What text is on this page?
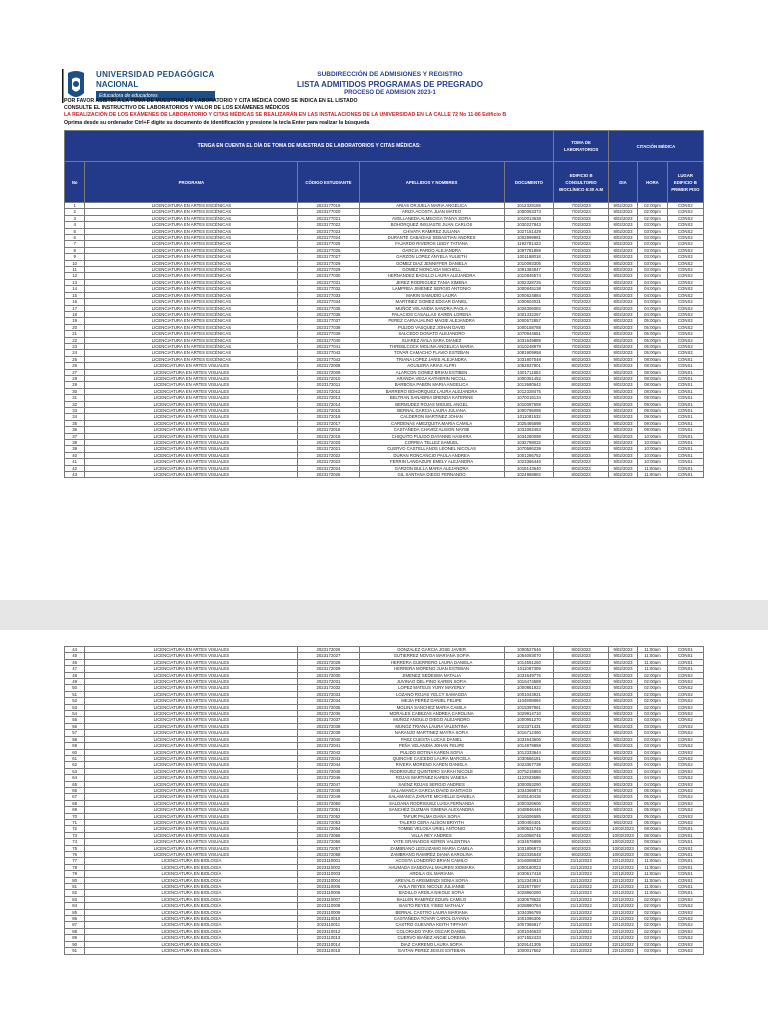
UNIVERSIDAD PEDAGÓGICA
NACIONAL
Educadora de educadores
SUBDIRECCIÓN DE ADMISIONES Y REGISTRO
LISTA ADMITIDOS PROGRAMAS DE PREGRADO
PROCESO DE ADMISION 2023-1
POR FAVOR ASISTIR A LA TOMA DE MUESTRAS DE LABORATORIO Y CITA MÉDICA COMO SE INDICA EN EL LISTADO
CONSULTE EL INSTRUCTIVO DE LABORATORIOS Y VALOR DE LOS EXÁMENES MÉDICOS
LA REALIZACIÓN DE LOS EXÁMENES DE LABORATORIO Y CITAS MÉDICAS SE REALIZARÁN EN LAS INSTALACIONES DE LA UNIVERSIDAD EN LA CALLE 72 No 11-86 Edificio B
Oprima desde su ordenador Ctrl+F digite su documento de identificación y presione la tecla Enter para realizar la búsqueda
TENGA EN CUENTA EL DÍA DE TOMA DE MUESTRAS DE LABORATORIOS Y CITAS MÉDICAS:					TOMA DE LABORATORIOS	CITACIÓN MÉDICA		
No	PROGRAMA	CÓDIGO ESTUDIANTE	APELLIDOS Y NOMBRES	DOCUMENTO	EDIFICIO B CONSULTORIO BIOCLÍNICO 6:30 A.M	DIA	HORA	LUGAR EDIFICIO B PRIMER PISO
1	LICENCIATURA EN ARTES ESCÉNICAS	2023177019	ARIAS ORJUELA MARIA ANGELICA	1012328185	7/02/2023	8/02/2023	02:00pm	CONS2
2	LICENCIATURA EN ARTES ESCÉNICAS	2023177020	ARIZA ACOSTA JUAN MATEO	1000063373	7/02/2023	8/02/2023	02:00pm	CONS2
3	LICENCIATURA EN ARTES ESCÉNICAS	2023177021	AVELLANEDA ALMECIGA TANYA SOFIA	1010013638	7/02/2023	8/02/2023	02:00pm	CONS2
4	LICENCIATURA EN ARTES ESCÉNICAS	2023177022	BOHORQUEZ INSUASTE JUAN CARLOS	1030227843	7/02/2023	8/02/2023	03:00pm	CONS2
5	LICENCIATURA EN ARTES ESCÉNICAS	2023177023	CHIVATA RAMIREZ JULIANA	1027151429	7/02/2023	8/02/2023	03:00pm	CONS2
6	LICENCIATURA EN ARTES ESCÉNICAS	2023177024	DURANTE CABADIAS SEBASTIAN ANDRES	1002999881	7/02/2023	8/02/2023	03:00pm	CONS2
7	LICENCIATURA EN ARTES ESCÉNICAS	2023177025	FAJARDO RIVEROS LEIDY TATIANA	1192781423	7/02/2023	8/02/2023	03:00pm	CONS2
8	LICENCIATURA EN ARTES ESCÉNICAS	2023177026	GARCIA PARDO ALEJANDRA	1097781859	7/02/2023	8/02/2023	03:00pm	CONS2
9	LICENCIATURA EN ARTES ESCÉNICAS	2023177027	GARZON LOPEZ ANYELA YULIETH	1001188018	7/02/2023	8/02/2023	03:00pm	CONS2
10	LICENCIATURA EN ARTES ESCÉNICAS	2023177028	GOMEZ DIAZ JENNIFFER DANIELA	1010093305	7/02/2023	8/02/2023	03:00pm	CONS2
11	LICENCIATURA EN ARTES ESCÉNICAS	2023177029	GOMEZ MONCADA MICHELL	1091384847	7/02/2023	8/02/2023	03:00pm	CONS2
12	LICENCIATURA EN ARTES ESCÉNICAS	2023177030	HERNANDEZ BADILLO LAURA ALEJANDRA	1010845574	7/02/2023	8/02/2023	04:00pm	CONS2
13	LICENCIATURA EN ARTES ESCÉNICAS	2023177031	JEREZ RODRIGUEZ TANIA XIMENA	1002328726	7/02/2023	8/02/2023	04:00pm	CONS2
14	LICENCIATURA EN ARTES ESCÉNICAS	2023177032	LAMPREA JIMENEZ SERGIO ANTONIO	1000845138	7/02/2023	8/02/2023	04:00pm	CONS2
15	LICENCIATURA EN ARTES ESCÉNICAS	2023177033	MARIN SAMUDIO LAURA	1000624884	7/02/2023	8/02/2023	04:00pm	CONS2
16	LICENCIATURA EN ARTES ESCÉNICAS	2023177034	MARTINEZ GOMEZ EDGAR DANIEL	1000604031	7/02/2023	8/02/2023	04:00pm	CONS2
17	LICENCIATURA EN ARTES ESCÉNICAS	2023177035	MUÑOZ VELANDIA SANDRA PAOLA	1026306082	7/02/2023	8/02/2023	04:00pm	CONS2
18	LICENCIATURA EN ARTES ESCÉNICAS	2023177036	PALACIOS CASALLAS KAREN LORENA	1001332267	7/02/2023	8/02/2023	04:00pm	CONS2
19	LICENCIATURA EN ARTES ESCÉNICAS	2023177037	PEREZ CARVAJALINO MAGIE ALEJANDRA	1000572857	7/02/2023	8/02/2023	05:00pm	CONS2
20	LICENCIATURA EN ARTES ESCÉNICAS	2023177038	PULIDO VASQUEZ JOHAN DAVID	1000158788	7/02/2023	8/02/2023	05:00pm	CONS2
21	LICENCIATURA EN ARTES ESCÉNICAS	2023177039	SALCEDO DONATO ALEJANDRO	1070944651	7/02/2023	8/02/2023	05:00pm	CONS2
22	LICENCIATURA EN ARTES ESCÉNICAS	2023177040	SUAREZ AVILA SARA DIANEZ	1031649889	7/02/2023	8/02/2023	05:00pm	CONS2
23	LICENCIATURA EN ARTES ESCÉNICAS	2023177041	THREBLCOCK MOLINA ANGELICA MARIA	1010248979	7/02/2023	8/02/2023	05:00pm	CONS2
24	LICENCIATURA EN ARTES ESCÉNICAS	2023177042	TOVAR CAMACHO FLAVIO ESTEBAN	1081909958	7/02/2023	8/02/2023	05:00pm	CONS2
25	LICENCIATURA EN ARTES ESCÉNICAS	2023177043	TRIANA LOPEZ JANIS ALEJANDRA	1031807048	8/02/2023	9/02/2023	08:00am	CONS1
26	LICENCIATURA EN ARTES VISUALES	2023172008	AGUILERA ARIAS ALFRI	1052837901	8/02/2023	9/02/2023	08:00am	CONS1
27	LICENCIATURA EN ARTES VISUALES	2023172009	ALARCON GOMEZ BRIAN ESTIBEN	1001711854	8/02/2023	9/02/2023	08:00am	CONS1
28	LICENCIATURA EN ARTES VISUALES	2023172010	ARANDA VEGA KATHERIN NICOLL	1000351452	8/02/2023	9/02/2023	08:00am	CONS1
29	LICENCIATURA EN ARTES VISUALES	2023172011	BARBOSA PABON MARIA ANGELICA	1013680642	8/02/2023	9/02/2023	08:00am	CONS1
30	LICENCIATURA EN ARTES VISUALES	2023172012	BARRERO BOHORQUEZ LAURA ALEJANDRA	1012328475	8/02/2023	9/02/2023	08:00am	CONS1
31	LICENCIATURA EN ARTES VISUALES	2023172013	BELTRAN SANABRIA BRENDA KATERINE	1070016134	8/02/2023	9/02/2023	09:00am	CONS1
32	LICENCIATURA EN ARTES VISUALES	2023172014	BERMUDEZ ROJAS MIGUEL ANGEL	1010087559	8/02/2023	9/02/2023	09:00am	CONS1
33	LICENCIATURA EN ARTES VISUALES	2023172015	BERNAL GARCIA LAURA JULIANA	1000795085	8/02/2023	9/02/2023	09:00am	CONS1
34	LICENCIATURA EN ARTES VISUALES	2023172016	CALDERON MARTINEZ JOHAN	1011081532	8/02/2023	9/02/2023	09:00am	CONS1
35	LICENCIATURA EN ARTES VISUALES	2023172017	CARDENAS AMEZQUITA MARIA CAMILA	1025465598	8/02/2023	9/02/2023	09:00am	CONS1
36	LICENCIATURA EN ARTES VISUALES	2023172018	CASTAÑEDA CHAVEZ ALISON NAYIBI	1031062453	8/02/2023	9/02/2023	09:00am	CONS1
37	LICENCIATURA EN ARTES VISUALES	2023172019	CHIQUITO PULIDO DAYANNE HASHIRA	1034280098	8/02/2023	9/02/2023	10:00am	CONS1
38	LICENCIATURA EN ARTES VISUALES	2023172020	CORREA TELLEZ SAMUEL	1032798032	8/02/2023	9/02/2023	10:00am	CONS1
39	LICENCIATURA EN ARTES VISUALES	2023172021	CUERVO CASTELLANOS LEONEL NICOLAS	1070586239	8/02/2023	9/02/2023	10:00am	CONS1
40	LICENCIATURA EN ARTES VISUALES	2023172022	DURAN RONCANCIO PAULA ANDREA	1001286752	8/02/2023	9/02/2023	10:00am	CONS1
41	LICENCIATURA EN ARTES VISUALES	2023172023	FERRIN LANDAZURI EMELY ALEJANDRA	1023366446	8/02/2023	9/02/2023	10:00am	CONS1
42	LICENCIATURA EN ARTES VISUALES	2023172024	GARZON BULLA MARIA ALEJANDRA	1019143640	8/02/2023	9/02/2023	11:00am	CONS1
43	LICENCIATURA EN ARTES VISUALES	2023172025	GIL SANTANA DIEGO FERNANDO	1024968882	8/02/2023	9/02/2023	11:00am	CONS1
44	LICENCIATURA EN ARTES VISUALES	2023172026	GONZALEZ GARCIA JOSE JAVIER	1000527646	8/02/2023	9/02/2023	11:00am	CONS1
45	LICENCIATURA EN ARTES VISUALES	2023172027	GUTIERREZ NOVOA MARIANA SOFIA	1054093070	8/02/2023	9/02/2023	11:00am	CONS1
46	LICENCIATURA EN ARTES VISUALES	2023172028	HERRERA GUERRERO LAURA DANIELA	1014591250	8/02/2023	9/02/2023	11:00am	CONS1
47	LICENCIATURA EN ARTES VISUALES	2023172029	HERRERA MORENO JUAN ESTEBAN	1011087309	8/02/2023	9/02/2023	11:00am	CONS1
48	LICENCIATURA EN ARTES VISUALES	2023172030	JIMENEZ SEDESMA NATALIA	1031649776	8/02/2023	9/02/2023	02:00pm	CONS2
49	LICENCIATURA EN ARTES VISUALES	2023172031	JUVINAO DEL PINO KAREN SOFIA	1015474589	8/02/2023	9/02/2023	02:00pm	CONS2
50	LICENCIATURA EN ARTES VISUALES	2023172032	LOPEZ MATEUS YURY MAYERLY	1000861922	8/02/2023	9/02/2023	02:00pm	CONS2
51	LICENCIATURA EN ARTES VISUALES	2023172033	LOZANO ROJAS YELCY SAMAGDA	1001043921	8/02/2023	9/02/2023	02:00pm	CONS2
52	LICENCIATURA EN ARTES VISUALES	2023172034	MEJIA PEREZ DANIEL FELIPE	1104908894	8/02/2023	9/02/2023	02:00pm	CONS2
53	LICENCIATURA EN ARTES VISUALES	2023172035	MOLINA SANCHEZ MARIA CAMILA	1015397961	8/02/2023	9/02/2023	02:00pm	CONS2
54	LICENCIATURA EN ARTES VISUALES	2023172036	MORALES CABEZAS ANDREA CAROLINA	1029914710	8/02/2023	9/02/2023	03:00pm	CONS2
55	LICENCIATURA EN ARTES VISUALES	2023172037	MUÑOZ ANGULO DIEGO ALEJANDRO	1000951270	8/02/2023	9/02/2023	03:00pm	CONS2
56	LICENCIATURA EN ARTES VISUALES	2023172038	MUNOZ TRIANA LAURA VALENTINA	1023371431	8/02/2023	9/02/2023	03:00pm	CONS2
57	LICENCIATURA EN ARTES VISUALES	2023172039	NARANJO MARTINEZ MAYRA SOFIA	1016712460	8/02/2023	9/02/2023	03:00pm	CONS2
58	LICENCIATURA EN ARTES VISUALES	2023172040	PAEZ CUESTA LUCAS DANIEL	1031643606	8/02/2023	9/02/2023	03:00pm	CONS2
59	LICENCIATURA EN ARTES VISUALES	2023172041	PEÑA VELANDIA JOHAN FELIPE	1014979858	8/02/2023	9/02/2023	03:00pm	CONS2
60	LICENCIATURA EN ARTES VISUALES	2023172042	PULIDO BOTINA KAREN SOFIA	1012333644	8/02/2023	9/02/2023	04:00pm	CONS2
61	LICENCIATURA EN ARTES VISUALES	2023172043	QUINCHE CAICEDO LAURA MARCELA	1030556181	8/02/2023	9/02/2023	04:00pm	CONS2
62	LICENCIATURA EN ARTES VISUALES	2023172044	RIVERA MORENO KAREN DANIELA	1023367739	8/02/2023	9/02/2023	04:00pm	CONS2
63	LICENCIATURA EN ARTES VISUALES	2023172045	RODRIGUEZ QUINTERO SARAH NICOLE	1075215893	8/02/2023	9/02/2023	04:00pm	CONS2
64	LICENCIATURA EN ARTES VISUALES	2023172046	ROJAS MARTINEZ KAREN VANESA	1122923686	8/02/2023	9/02/2023	04:00pm	CONS2
65	LICENCIATURA EN ARTES VISUALES	2023172047	SAENZ ROJAS SERGIO ANDRES	1000053290	8/02/2023	9/02/2023	04:00pm	CONS2
66	LICENCIATURA EN ARTES VISUALES	2023172048	SALAMANCA GARCIA DAVID SANTIAGO	1034369873	8/02/2023	9/02/2023	05:00pm	CONS2
67	LICENCIATURA EN ARTES VISUALES	2023172049	SALAMANCA ZARATE MICHELLE DANIELA	1025140436	8/02/2023	9/02/2023	05:00pm	CONS2
68	LICENCIATURA EN ARTES VISUALES	2023172050	SALDANA RODRIGUEZ LUISA FERNANDA	1000326606	8/02/2023	9/02/2023	05:00pm	CONS2
69	LICENCIATURA EN ARTES VISUALES	2023172051	SANCHEZ GUZMAN GIMENA ALEXANDRA	1048846446	8/02/2023	9/02/2023	05:00pm	CONS2
70	LICENCIATURA EN ARTES VISUALES	2023172052	TAFUR PALMA DIANA SOFIA	1016006585	8/02/2023	9/02/2023	05:00pm	CONS2
71	LICENCIATURA EN ARTES VISUALES	2023172053	TALERO CERA ALISON BRIYITH	1000494401	8/02/2023	9/02/2023	05:00pm	CONS2
72	LICENCIATURA EN ARTES VISUALES	2023172054	TOMBE VELOSA URIEL ANTONIO	1000631745	9/02/2023	10/02/2023	08:00am	CONS1
73	LICENCIATURA EN ARTES VISUALES	2023172055	VILLA REY ANDRES	1016058745	9/02/2023	10/02/2023	08:00am	CONS1
74	LICENCIATURA EN ARTES VISUALES	2023172056	YATE GRANADOS KEREN VALENTINA	1034576899	9/02/2023	10/02/2023	08:00am	CONS1
75	LICENCIATURA EN ARTES VISUALES	2023172057	ZAMBRANO LEGUIZAMO MARIA CAMILA	1031806973	9/02/2023	10/02/2023	08:00am	CONS1
76	LICENCIATURA EN ARTES VISUALES	2023172058	ZAMBRANO RAMIREZ DIANA KAROLINA	1022335548	9/02/2023	10/02/2023	08:00am	CONS1
77	LICENCIATURA EN BIOLOGÍA	2023110001	ACOSTA LONDOÑO BRIAN CAMILO	1016008833	21/12/2022	22/12/2022	11:00am	CONS1
78	LICENCIATURA EN BIOLOGÍA	2023110002	AHUMADA SANDOVAL MAUREN XIOMARA	1000180023	21/12/2022	22/12/2022	11:00am	CONS1
79	LICENCIATURA EN BIOLOGÍA	2023110003	ARDILA GIL MARIANA	1030617418	21/12/2022	22/12/2022	11:00am	CONS1
80	LICENCIATURA EN BIOLOGÍA	2023110004	AREVALO ARISMENDI SONIA SOFIA	1012343914	21/12/2022	22/12/2022	11:00am	CONS1
81	LICENCIATURA EN BIOLOGÍA	2023110005	AVILA REYES NICOLE JULIANNE	1032677697	21/12/2022	22/12/2022	11:00am	CONS1
82	LICENCIATURA EN BIOLOGÍA	2023110006	BADILLO ARDILA NIKOLE SOFIA	1028860280	21/12/2022	22/12/2022	11:00am	CONS1
83	LICENCIATURA EN BIOLOGÍA	2023110007	BALLEN RAMIREZ EDUIN CAMILO	1030679632	21/12/2022	22/12/2022	02:00pm	CONS2
84	LICENCIATURA EN BIOLOGÍA	2023110008	BASTO REYES YISED NATHALY	1028880784	21/12/2022	22/12/2022	02:00pm	CONS2
85	LICENCIATURA EN BIOLOGÍA	2023110009	BERNAL CASTRO LAURA MARIANA	1034396789	21/12/2022	22/12/2022	02:00pm	CONS2
86	LICENCIATURA EN BIOLOGÍA	2023110010	CASTAÑEDA TOVAR CAROL DAYANA	1001096306	21/12/2022	22/12/2022	02:00pm	CONS2
87	LICENCIATURA EN BIOLOGÍA	2023110011	CASTRO GUEVARA KEITH TIFFANY	1007365817	21/12/2022	22/12/2022	02:00pm	CONS2
88	LICENCIATURA EN BIOLOGÍA	2023110012	COLORADO YARA OSCAR DANIEL	1001046633	21/12/2022	22/12/2022	02:00pm	CONS2
89	LICENCIATURA EN BIOLOGÍA	2023110013	CUERVO IBAÑEZ ANGIE LORENA	1071552433	21/12/2022	22/12/2022	03:00pm	CONS2
90	LICENCIATURA EN BIOLOGÍA	2023110014	DIAZ CARRENO LAURA SOFIA	1029141305	21/12/2022	22/12/2022	03:00pm	CONS2
91	LICENCIATURA EN BIOLOGÍA	2023110015	GAITAN PEREZ JESUS ESTEBAN	1000017562	21/12/2022	22/12/2022	03:00pm	CONS2
